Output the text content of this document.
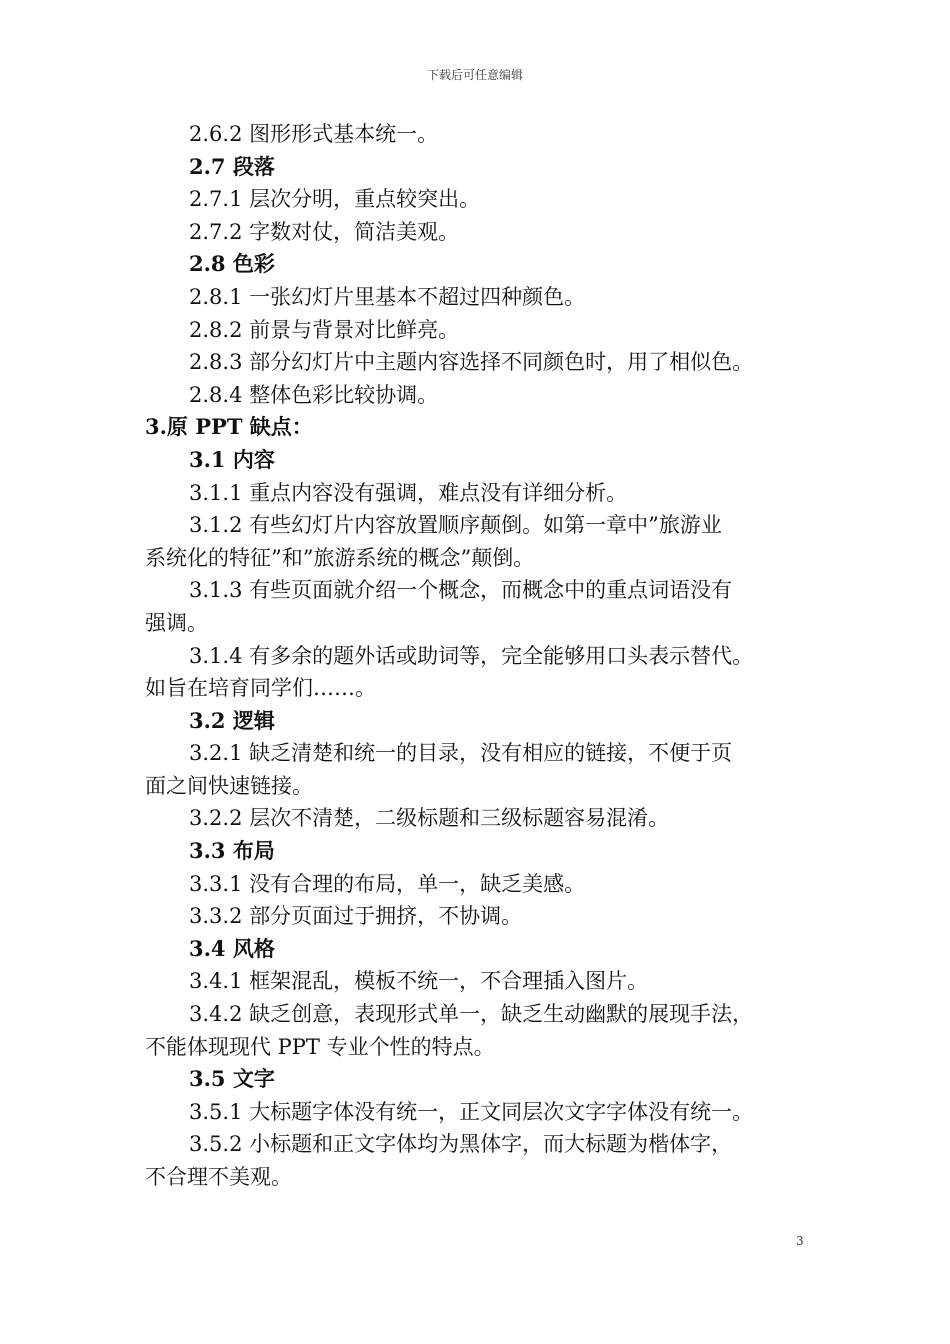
下载后可任意编辑
2.6.2 图形形式基本统一。
2.7 段落
2.7.1 层次分明，重点较突出。
2.7.2 字数对仗，简洁美观。
2.8 色彩
2.8.1 一张幻灯片里基本不超过四种颜色。
2.8.2 前景与背景对比鲜亮。
2.8.3 部分幻灯片中主题内容选择不同颜色时，用了相似色。
2.8.4 整体色彩比较协调。
3.原 PPT 缺点：
3.1 内容
3.1.1 重点内容没有强调，难点没有详细分析。
3.1.2 有些幻灯片内容放置顺序颠倒。如第一章中”旅游业
系统化的特征”和”旅游系统的概念”颠倒。
3.1.3 有些页面就介绍一个概念，而概念中的重点词语没有
强调。
3.1.4 有多余的题外话或助词等，完全能够用口头表示替代。
如旨在培育同学们……。
3.2 逻辑
3.2.1 缺乏清楚和统一的目录，没有相应的链接，不便于页
面之间快速链接。
3.2.2 层次不清楚，二级标题和三级标题容易混淆。
3.3 布局
3.3.1 没有合理的布局，单一，缺乏美感。
3.3.2 部分页面过于拥挤，不协调。
3.4 风格
3.4.1 框架混乱，模板不统一，不合理插入图片。
3.4.2 缺乏创意，表现形式单一，缺乏生动幽默的展现手法，
不能体现现代 PPT 专业个性的特点。
3.5 文字
3.5.1 大标题字体没有统一，正文同层次文字字体没有统一。
3.5.2 小标题和正文字体均为黑体字，而大标题为楷体字，
不合理不美观。
3
